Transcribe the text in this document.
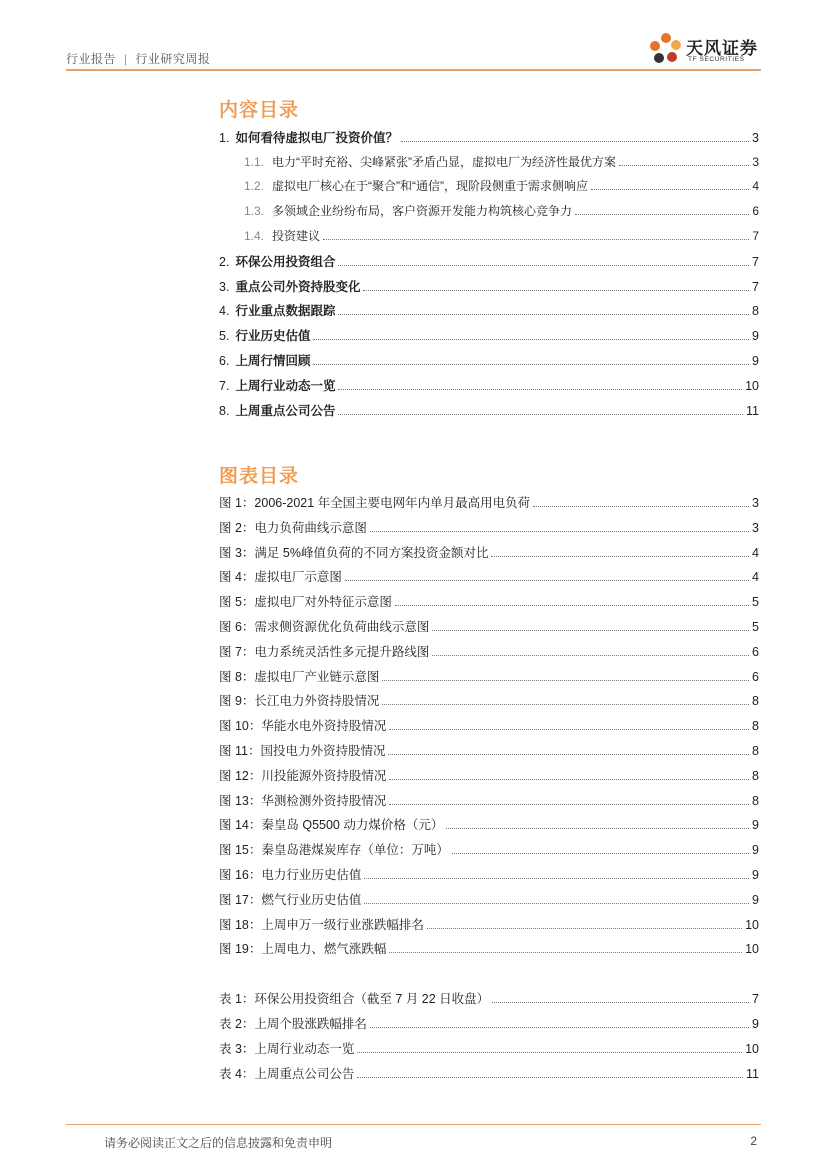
行业报告 | 行业研究周报
天风证券
TF SECURITIES
内容目录
1. 如何看待虚拟电厂投资价值？	3
1.1. 电力“平时充裕、尖峰紧张”矛盾凸显，虚拟电厂为经济性最优方案	3
1.2. 虚拟电厂核心在于“聚合”和“通信”，现阶段侧重于需求侧响应	4
1.3. 多领域企业纷纷布局，客户资源开发能力构筑核心竞争力	6
1.4. 投资建议	7
2. 环保公用投资组合	7
3. 重点公司外资持股变化	7
4. 行业重点数据跟踪	8
5. 行业历史估值	9
6. 上周行情回顾	9
7. 上周行业动态一览	10
8. 上周重点公司公告	11
图表目录
图 1：2006-2021 年全国主要电网年内单月最高用电负荷	3
图 2：电力负荷曲线示意图	3
图 3：满足 5%峰值负荷的不同方案投资金额对比	4
图 4：虚拟电厂示意图	4
图 5：虚拟电厂对外特征示意图	5
图 6：需求侧资源优化负荷曲线示意图	5
图 7：电力系统灵活性多元提升路线图	6
图 8：虚拟电厂产业链示意图	6
图 9：长江电力外资持股情况	8
图 10：华能水电外资持股情况	8
图 11：国投电力外资持股情况	8
图 12：川投能源外资持股情况	8
图 13：华测检测外资持股情况	8
图 14：秦皇岛 Q5500 动力煤价格（元）	9
图 15：秦皇岛港煤炭库存（单位：万吨）	9
图 16：电力行业历史估值	9
图 17：燃气行业历史估值	9
图 18：上周申万一级行业涨跌幅排名	10
图 19：上周电力、燃气涨跌幅	10
表 1：环保公用投资组合（截至 7 月 22 日收盘）	7
表 2：上周个股涨跌幅排名	9
表 3：上周行业动态一览	10
表 4：上周重点公司公告	11
请务必阅读正文之后的信息披露和免责申明	2
